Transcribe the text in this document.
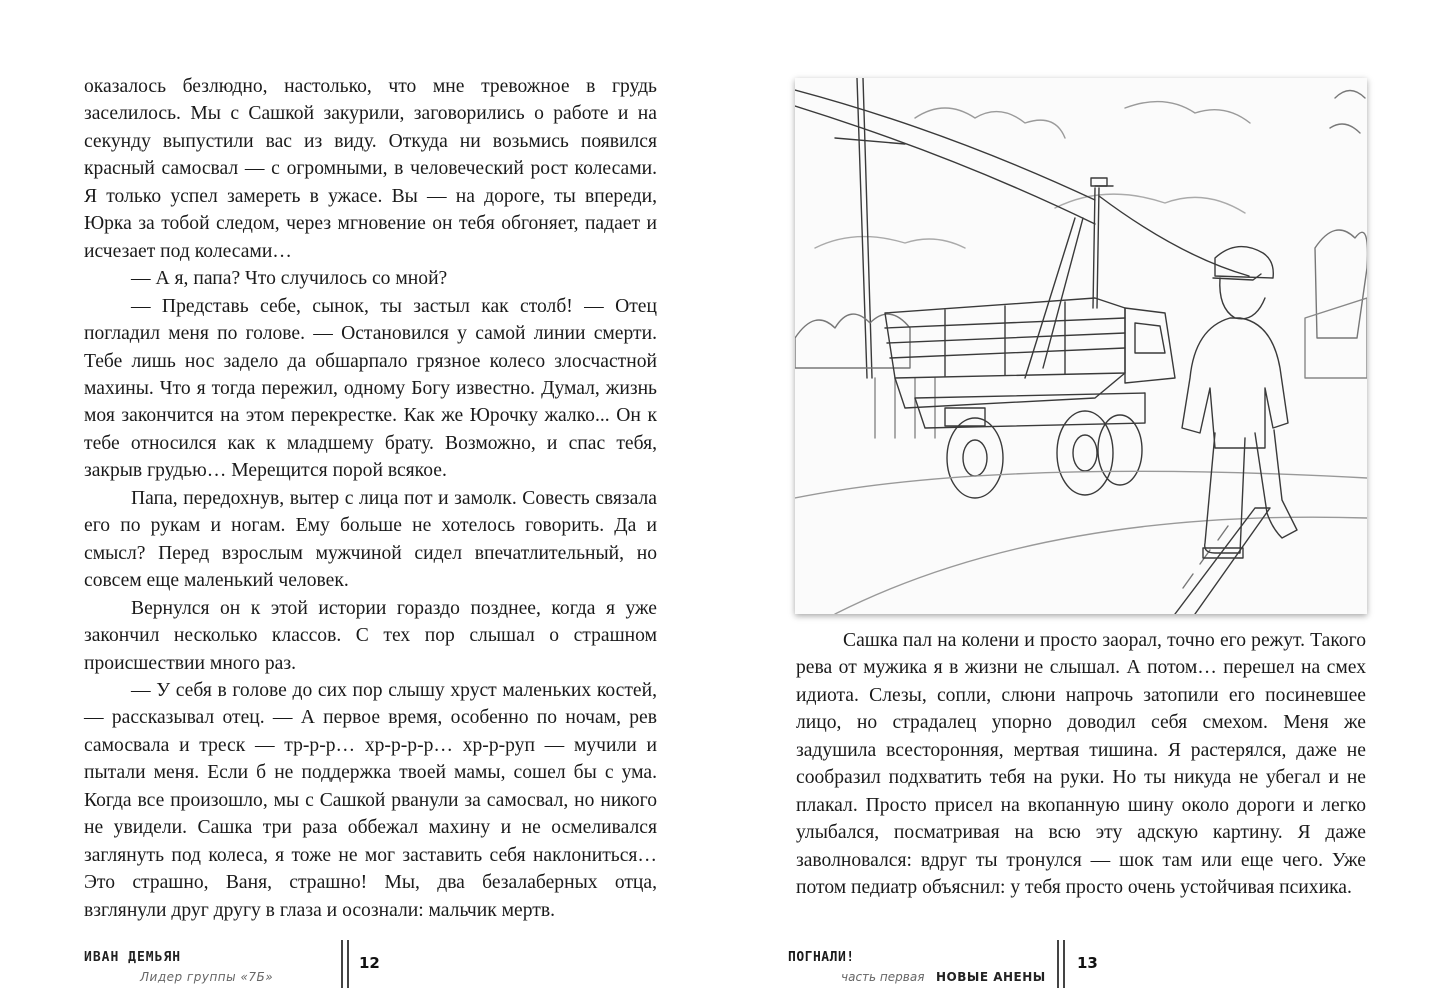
оказалось безлюдно, настолько, что мне тревожное в грудь заселилось. Мы с Сашкой закурили, заговорились о работе и на секунду выпустили вас из виду. Откуда ни возьмись появился красный самосвал — с огромными, в человеческий рост колесами. Я только успел замереть в ужасе. Вы — на дороге, ты впереди, Юрка за тобой следом, через мгновение он тебя обгоняет, падает и исчезает под колесами…

— А я, папа? Что случилось со мной?

— Представь себе, сынок, ты застыл как столб! — Отец погладил меня по голове. — Остановился у самой линии смерти. Тебе лишь нос задело да обшарпало грязное колесо злосчастной махины. Что я тогда пережил, одному Богу известно. Думал, жизнь моя закончится на этом перекрестке. Как же Юрочку жалко... Он к тебе относился как к младшему брату. Возможно, и спас тебя, закрыв грудью… Мерещится порой всякое.

Папа, передохнув, вытер с лица пот и замолк. Совесть связала его по рукам и ногам. Ему больше не хотелось говорить. Да и смысл? Перед взрослым мужчиной сидел впечатлительный, но совсем еще маленький человек.

Вернулся он к этой истории гораздо позднее, когда я уже закончил несколько классов. С тех пор слышал о страшном происшествии много раз.

— У себя в голове до сих пор слышу хруст маленьких костей, — рассказывал отец. — А первое время, особенно по ночам, рев самосвала и треск — тр-р-р… хр-р-р-р… хр-р-руп — мучили и пытали меня. Если б не поддержка твоей мамы, сошел бы с ума. Когда все произошло, мы с Сашкой рванули за самосвал, но никого не увидели. Сашка три раза оббежал махину и не осмеливался заглянуть под колеса, я тоже не мог заставить себя наклониться… Это страшно, Ваня, страшно! Мы, два безалаберных отца, взглянули друг другу в глаза и осознали: мальчик мертв.

ИВАН ДЕМЬЯН
Лидер группы «7Б»
12

Сашка пал на колени и просто заорал, точно его режут. Такого рева от мужика я в жизни не слышал. А потом… перешел на смех идиота. Слезы, сопли, слюни напрочь затопили его посиневшее лицо, но страдалец упорно доводил себя смехом. Меня же задушила всесторонняя, мертвая тишина. Я растерялся, даже не сообразил подхватить тебя на руки. Но ты никуда не убегал и не плакал. Просто присел на вкопанную шину около дороги и легко улыбался, посматривая на всю эту адскую картину. Я даже заволновался: вдруг ты тронулся — шок там или еще чего. Уже потом педиатр объяснил: у тебя просто очень устойчивая психика.

ПОГНАЛИ!
часть первая НОВЫЕ АНЕНЫ
13
